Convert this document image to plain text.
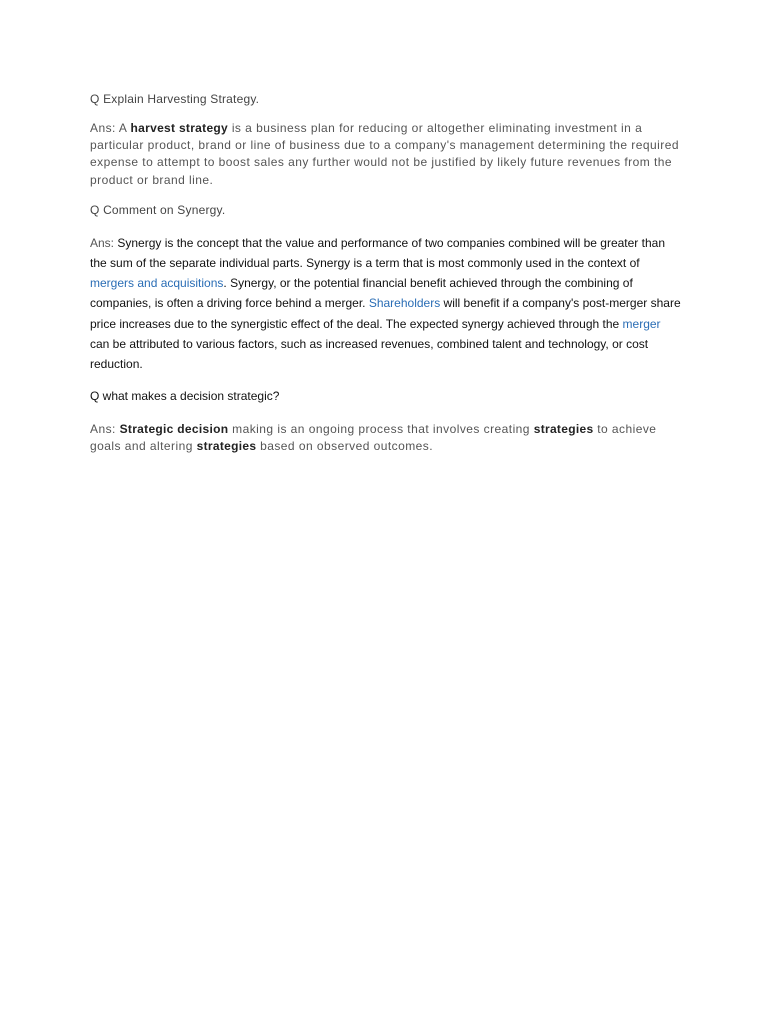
Q Explain Harvesting Strategy.

Ans: A harvest strategy is a business plan for reducing or altogether eliminating investment in a particular product, brand or line of business due to a company's management determining the required expense to attempt to boost sales any further would not be justified by likely future revenues from the product or brand line.

Q Comment on Synergy.

Ans: Synergy is the concept that the value and performance of two companies combined will be greater than the sum of the separate individual parts. Synergy is a term that is most commonly used in the context of mergers and acquisitions. Synergy, or the potential financial benefit achieved through the combining of companies, is often a driving force behind a merger. Shareholders will benefit if a company's post-merger share price increases due to the synergistic effect of the deal. The expected synergy achieved through the merger can be attributed to various factors, such as increased revenues, combined talent and technology, or cost reduction.

Q what makes a decision strategic?

Ans: Strategic decision making is an ongoing process that involves creating strategies to achieve goals and altering strategies based on observed outcomes.
